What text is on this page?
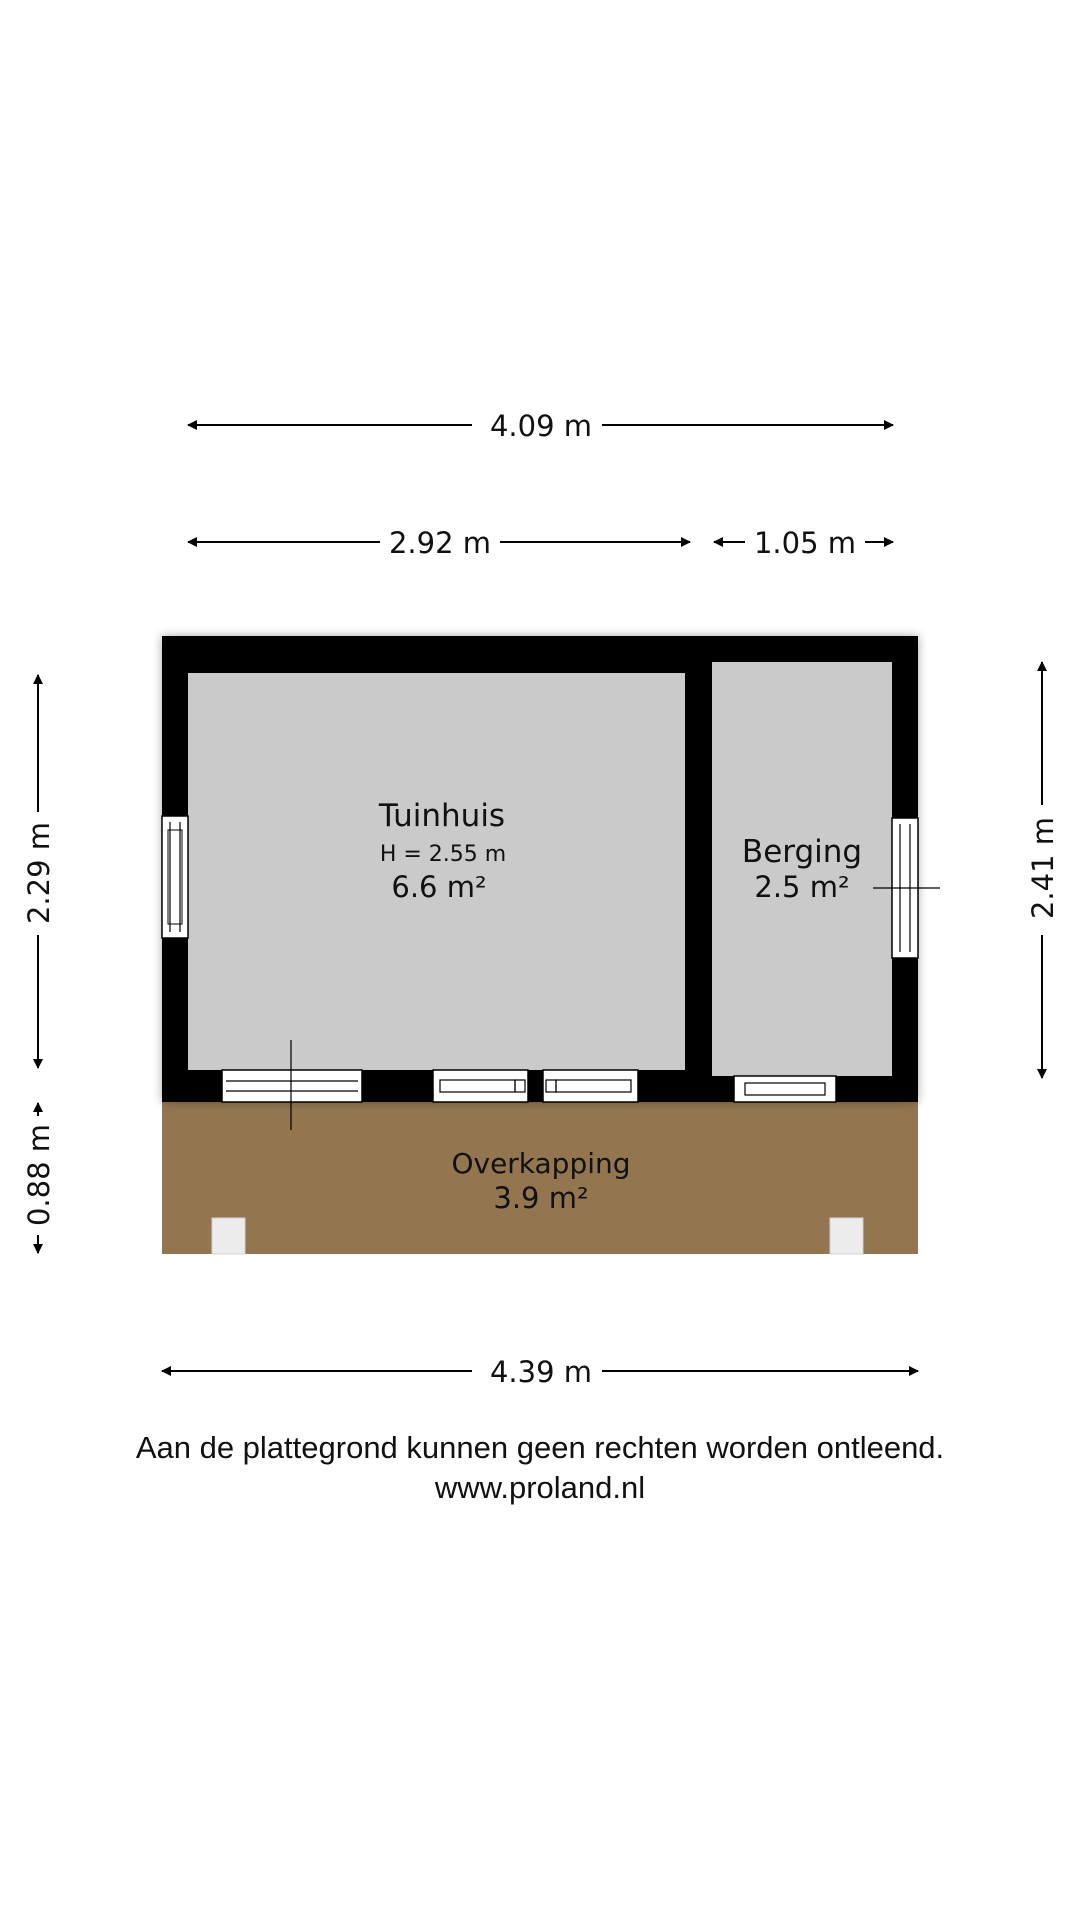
4.09 m
2.92 m	1.05 m
2.29 m
0.88 m
2.41 m
Tuinhuis
H = 2.55 m
6.6 m²
Berging
2.5 m²
Overkapping
3.9 m²
4.39 m
Aan de plattegrond kunnen geen rechten worden ontleend.
www.proland.nl
